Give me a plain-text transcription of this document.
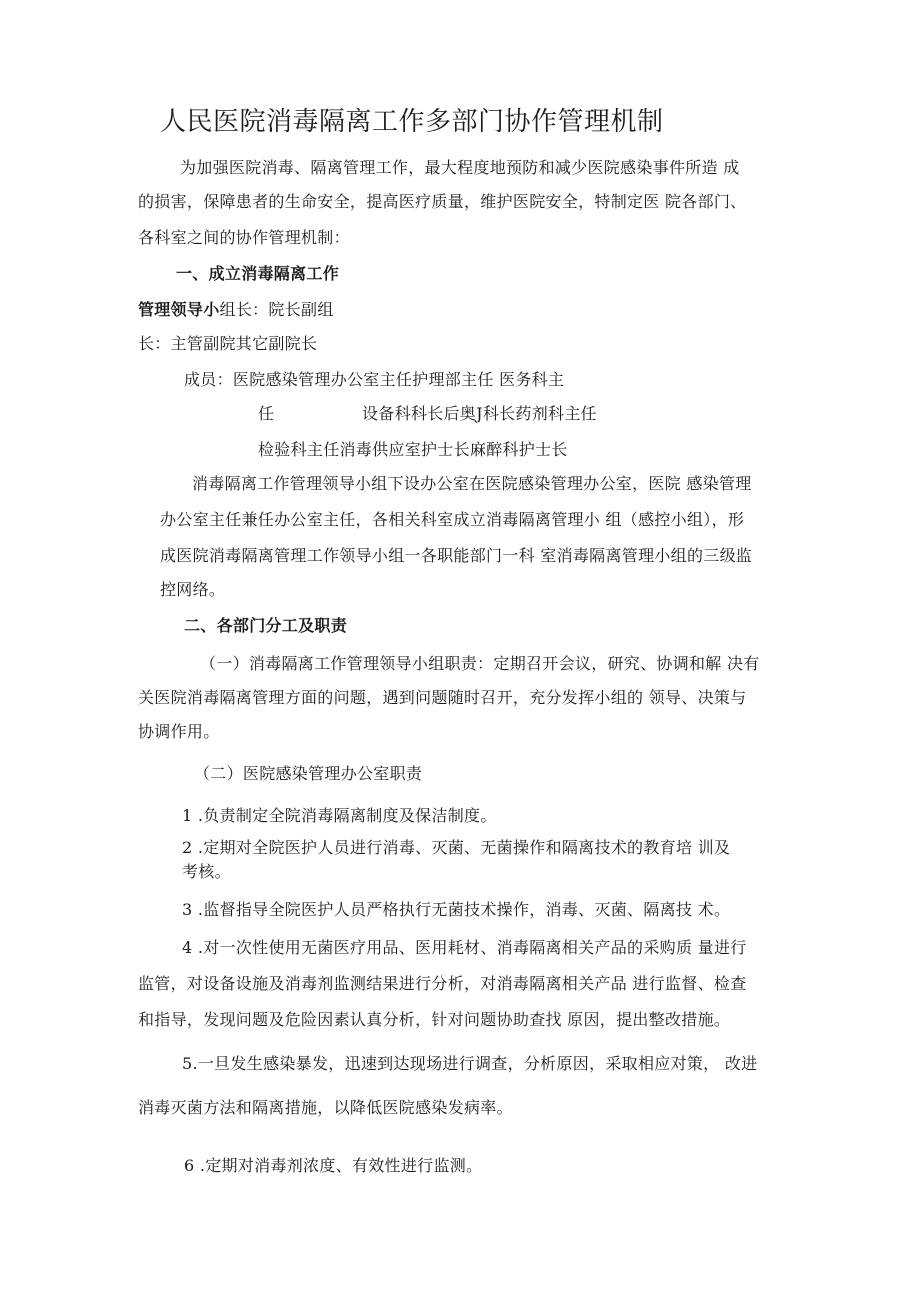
人民医院消毒隔离工作多部门协作管理机制
为加强医院消毒、隔离管理工作，最大程度地预防和减少医院感染事件所造 成
的损害，保障患者的生命安全，提高医疗质量，维护医院安全，特制定医 院各部门、
各科室之间的协作管理机制：
一、成立消毒隔离工作
管理领导小组长：院长副组
长：主管副院其它副院长
成员：医院感染管理办公室主任护理部主任 医务科主
任	设备科科长后奥J科长药剂科主任
检验科主任消毒供应室护士长麻醉科护士长
消毒隔离工作管理领导小组下设办公室在医院感染管理办公室，医院 感染管理
办公室主任兼任办公室主任，各相关科室成立消毒隔离管理小 组（感控小组），形
成医院消毒隔离管理工作领导小组一各职能部门一科 室消毒隔离管理小组的三级监
控网络。
二、各部门分工及职责
（一）消毒隔离工作管理领导小组职责：定期召开会议，研究、协调和解 决有
关医院消毒隔离管理方面的问题，遇到问题随时召开，充分发挥小组的 领导、决策与
协调作用。
（二）医院感染管理办公室职责
1 .负责制定全院消毒隔离制度及保洁制度。
2 .定期对全院医护人员进行消毒、灭菌、无菌操作和隔离技术的教育培 训及
考核。
3 .监督指导全院医护人员严格执行无菌技术操作，消毒、灭菌、隔离技 术。
4 .对一次性使用无菌医疗用品、医用耗材、消毒隔离相关产品的采购质 量进行
监管，对设备设施及消毒剂监测结果进行分析，对消毒隔离相关产品 进行监督、检查
和指导，发现问题及危险因素认真分析，针对问题协助查找 原因，提出整改措施。
5.一旦发生感染暴发，迅速到达现场进行调查，分析原因，采取相应对策， 改进
消毒灭菌方法和隔离措施，以降低医院感染发病率。
6 .定期对消毒剂浓度、有效性进行监测。
